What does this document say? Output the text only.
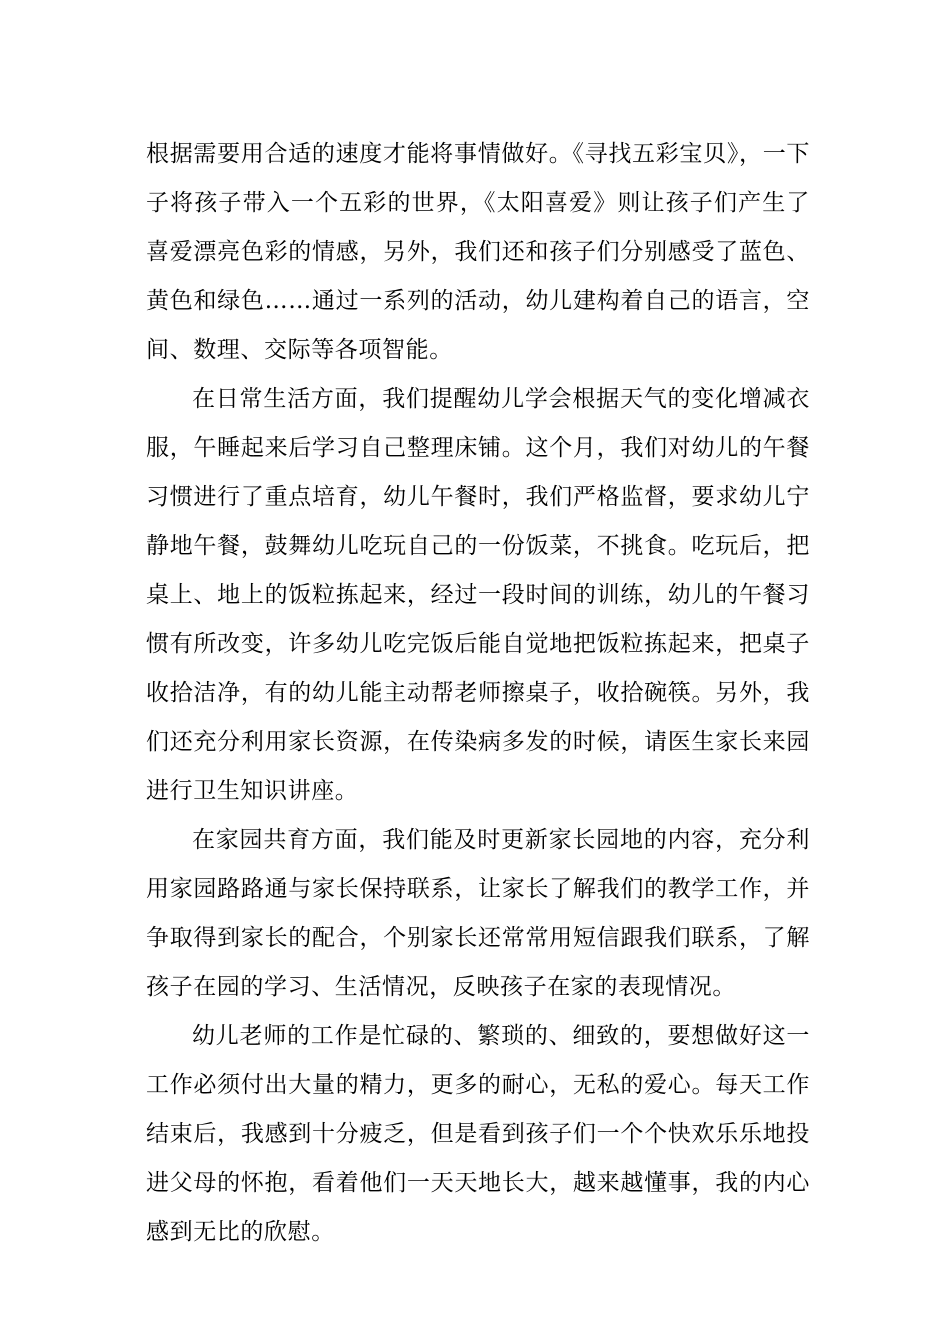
根据需要用合适的速度才能将事情做好。《寻找五彩宝贝》，一下子将孩子带入一个五彩的世界，《太阳喜爱》则让孩子们产生了喜爱漂亮色彩的情感，另外，我们还和孩子们分别感受了蓝色、黄色和绿色……通过一系列的活动，幼儿建构着自己的语言，空间、数理、交际等各项智能。

在日常生活方面，我们提醒幼儿学会根据天气的变化增减衣服，午睡起来后学习自己整理床铺。这个月，我们对幼儿的午餐习惯进行了重点培育，幼儿午餐时，我们严格监督，要求幼儿宁静地午餐，鼓舞幼儿吃玩自己的一份饭菜，不挑食。吃玩后，把桌上、地上的饭粒拣起来，经过一段时间的训练，幼儿的午餐习惯有所改变，许多幼儿吃完饭后能自觉地把饭粒拣起来，把桌子收拾洁净，有的幼儿能主动帮老师擦桌子，收拾碗筷。另外，我们还充分利用家长资源，在传染病多发的时候，请医生家长来园进行卫生知识讲座。

在家园共育方面，我们能及时更新家长园地的内容，充分利用家园路路通与家长保持联系，让家长了解我们的教学工作，并争取得到家长的配合，个别家长还常常用短信跟我们联系，了解孩子在园的学习、生活情况，反映孩子在家的表现情况。

幼儿老师的工作是忙碌的、繁琐的、细致的，要想做好这一工作必须付出大量的精力，更多的耐心，无私的爱心。每天工作结束后，我感到十分疲乏，但是看到孩子们一个个快欢乐乐地投进父母的怀抱，看着他们一天天地长大，越来越懂事，我的内心感到无比的欣慰。
